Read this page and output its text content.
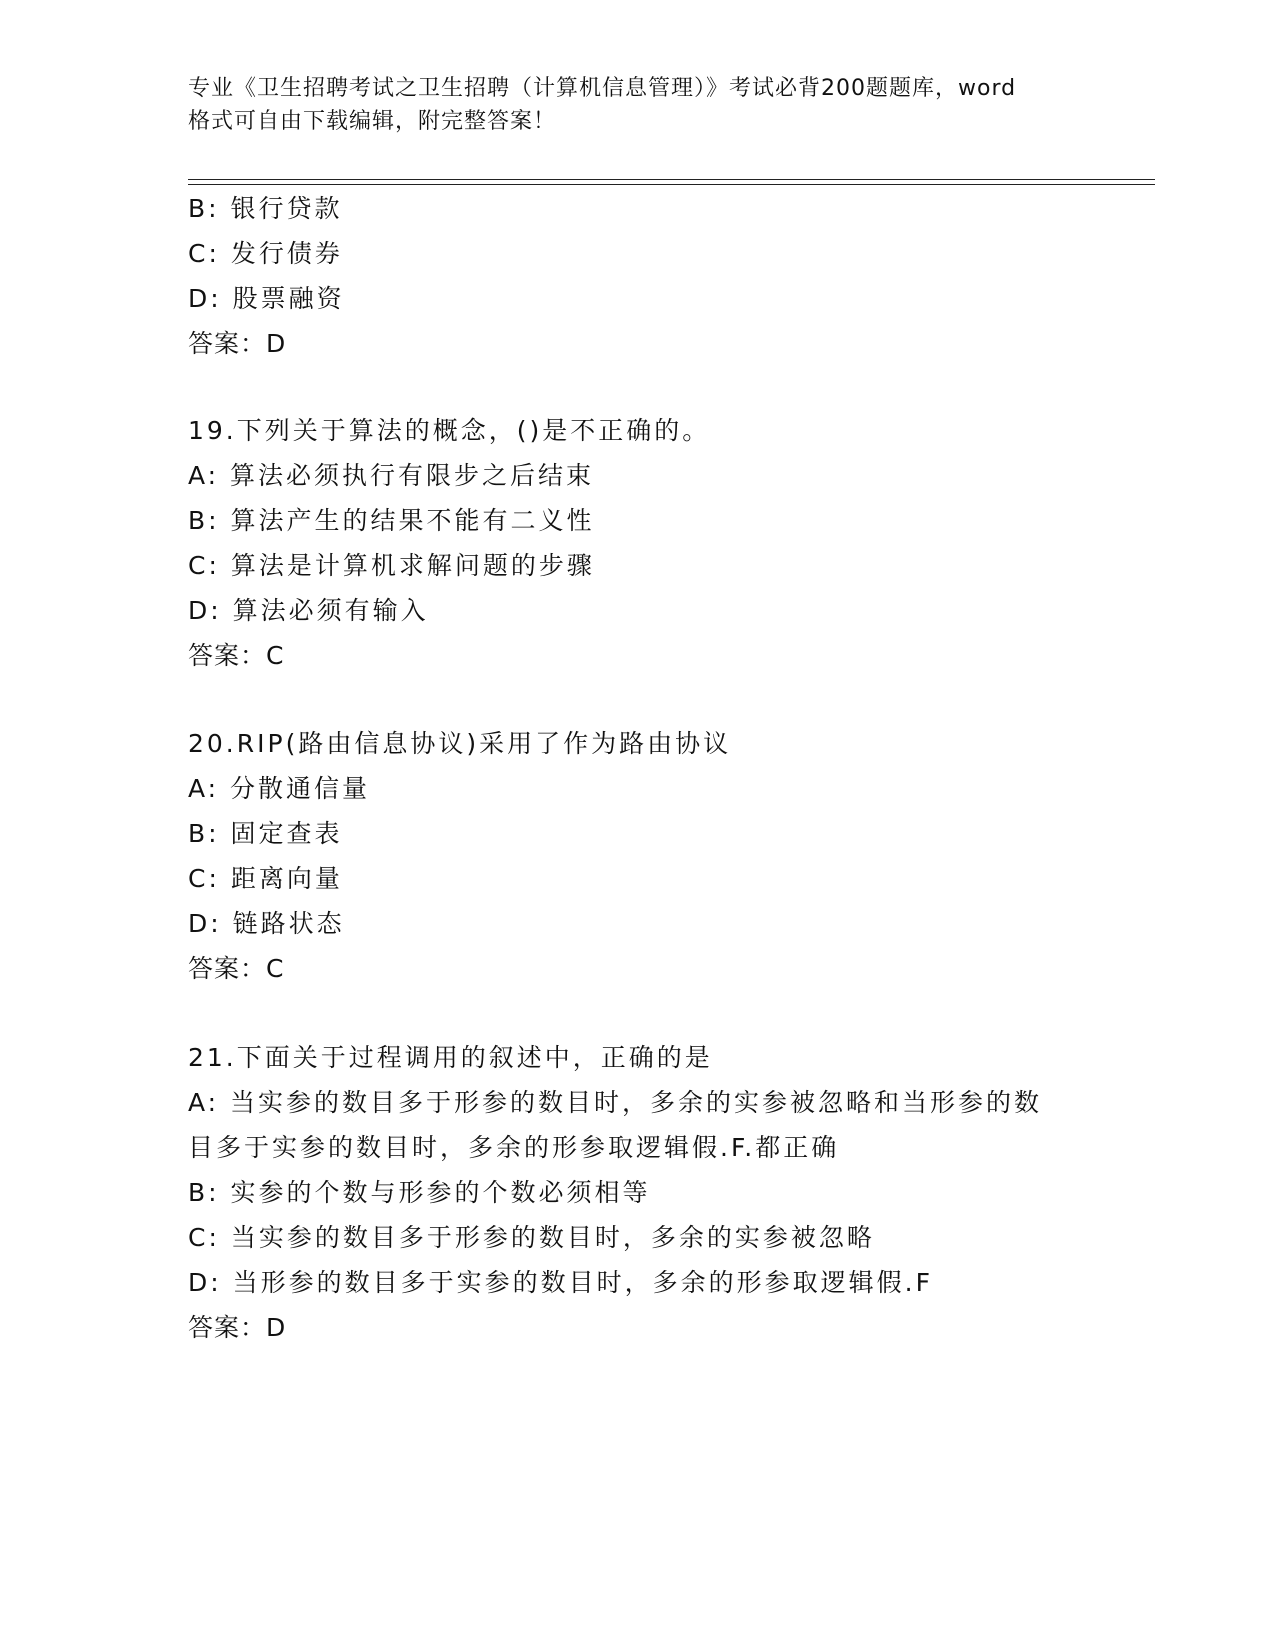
专业《卫生招聘考试之卫生招聘（计算机信息管理）》考试必背200题题库，word
格式可自由下载编辑，附完整答案！
B: 银行贷款
C: 发行债券
D: 股票融资
答案：D
19.下列关于算法的概念，()是不正确的。
A: 算法必须执行有限步之后结束
B: 算法产生的结果不能有二义性
C: 算法是计算机求解问题的步骤
D: 算法必须有输入
答案：C
20.RIP(路由信息协议)采用了作为路由协议
A: 分散通信量
B: 固定查表
C: 距离向量
D: 链路状态
答案：C
21.下面关于过程调用的叙述中，正确的是
A: 当实参的数目多于形参的数目时，多余的实参被忽略和当形参的数
目多于实参的数目时，多余的形参取逻辑假.F.都正确
B: 实参的个数与形参的个数必须相等
C: 当实参的数目多于形参的数目时，多余的实参被忽略
D: 当形参的数目多于实参的数目时，多余的形参取逻辑假.F
答案：D
